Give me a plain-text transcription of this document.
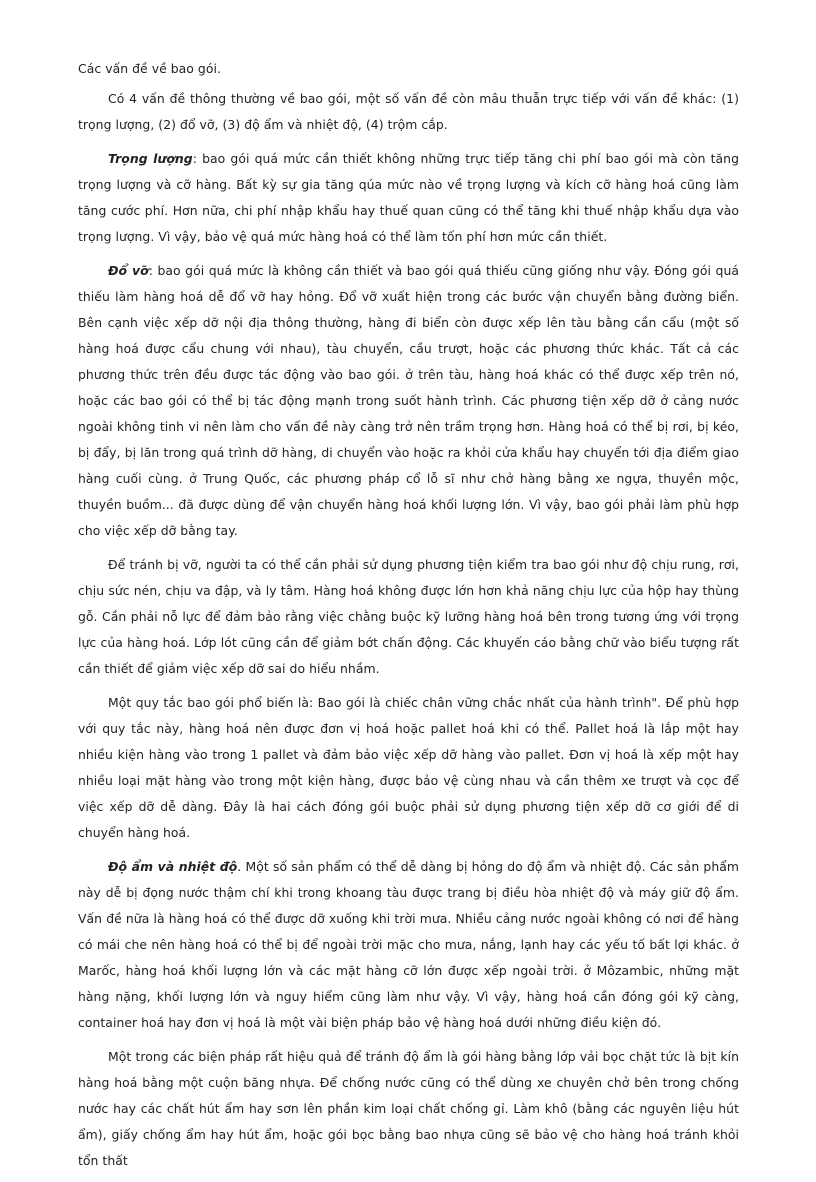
Các vấn đề về bao gói.

Có 4 vấn đề thông thường về bao gói, một số vấn đề còn mâu thuẫn trực tiếp với vấn đề khác: (1) trọng lượng, (2) đổ vỡ, (3) độ ẩm và nhiệt độ, (4) trộm cắp.

Trọng lượng: bao gói quá mức cần thiết không những trực tiếp tăng chi phí bao gói mà còn tăng trọng lượng và cỡ hàng. Bất kỳ sự gia tăng qúa mức nào về trọng lượng và kích cỡ hàng hoá cũng làm tăng cước phí. Hơn nữa, chi phí nhập khẩu hay thuế quan cũng có thể tăng khi thuế nhập khẩu dựa vào trọng lượng. Vì vậy, bảo vệ quá mức hàng hoá có thể làm tốn phí hơn mức cần thiết.

Đổ vỡ: bao gói quá mức là không cần thiết và bao gói quá thiếu cũng giống như vậy. Đóng gói quá thiếu làm hàng hoá dễ đổ vỡ hay hỏng. Đổ vỡ xuất hiện trong các bước vận chuyển bằng đường biển. Bên cạnh việc xếp dỡ nội địa thông thường, hàng đi biển còn được xếp lên tàu bằng cần cẩu (một số hàng hoá được cẩu chung với nhau), tàu chuyển, cầu trượt, hoặc các phương thức khác. Tất cả các phương thức trên đều được tác động vào bao gói. ở trên tàu, hàng hoá khác có thể được xếp trên nó, hoặc các bao gói có thể bị tác động mạnh trong suốt hành trình. Các phương tiện xếp dỡ ở cảng nước ngoài không tinh vi nên làm cho vấn đề này càng trở nên trầm trọng hơn. Hàng hoá có thể bị rơi, bị kéo, bị đẩy, bị lăn trong quá trình dỡ hàng, di chuyển vào hoặc ra khỏi cửa khẩu hay chuyển tới địa điểm giao hàng cuối cùng. ở Trung Quốc, các phương pháp cổ lỗ sĩ như chở hàng bằng xe ngựa, thuyền mộc, thuyền buồm... đã được dùng để vận chuyển hàng hoá khối lượng lớn. Vì vậy, bao gói phải làm phù hợp cho việc xếp dỡ bằng tay.

Để tránh bị vỡ, người ta có thể cần phải sử dụng phương tiện kiểm tra bao gói như độ chịu rung, rơi, chịu sức nén, chịu va đập, và ly tâm. Hàng hoá không được lớn hơn khả năng chịu lực của hộp hay thùng gỗ. Cần phải nỗ lực để đảm bảo rằng việc chằng buộc kỹ lưỡng hàng hoá bên trong tương ứng với trọng lực của hàng hoá. Lớp lót cũng cần để giảm bớt chấn động. Các khuyến cáo bằng chữ vào biểu tượng rất cần thiết để giảm việc xếp dỡ sai do hiểu nhầm.

Một quy tắc bao gói phổ biến là: Bao gói là chiếc chân vững chắc nhất của hành trình". Để phù hợp với quy tắc này, hàng hoá nên được đơn vị hoá hoặc pallet hoá khi có thể. Pallet hoá là lắp một hay nhiều kiện hàng vào trong 1 pallet và đảm bảo việc xếp dỡ hàng vào pallet. Đơn vị hoá là xếp một hay nhiều loại mặt hàng vào trong một kiện hàng, được bảo vệ cùng nhau và cần thêm xe trượt và cọc để việc xếp dỡ dễ dàng. Đây là hai cách đóng gói buộc phải sử dụng phương tiện xếp dỡ cơ giới để di chuyển hàng hoá.

Độ ẩm và nhiệt độ. Một số sản phẩm có thể dễ dàng bị hỏng do độ ẩm và nhiệt độ. Các sản phẩm này dễ bị đọng nước thậm chí khi trong khoang tàu được trang bị điều hòa nhiệt độ và máy giữ độ ẩm. Vấn đề nữa là hàng hoá có thể được dỡ xuống khi trời mưa. Nhiều cảng nước ngoài không có nơi để hàng có mái che nên hàng hoá có thể bị để ngoài trời mặc cho mưa, nắng, lạnh hay các yếu tố bất lợi khác. ở Marốc, hàng hoá khối lượng lớn và các mặt hàng cỡ lớn được xếp ngoài trời. ở Môzambic, những mặt hàng nặng, khối lượng lớn và nguy hiểm cũng làm như vậy. Vì vậy, hàng hoá cần đóng gói kỹ càng, container hoá hay đơn vị hoá là một vài biện pháp bảo vệ hàng hoá dưới những điều kiện đó.

Một trong các biện pháp rất hiệu quả để tránh độ ẩm là gói hàng bằng lớp vải bọc chặt tức là bịt kín hàng hoá bằng một cuộn băng nhựa. Để chống nước cũng có thể dùng xe chuyên chở bên trong chống nước hay các chất hút ẩm hay sơn lên phần kim loại chất chống gỉ. Làm khô (bằng các nguyên liệu hút ẩm), giấy chống ẩm hay hút ẩm, hoặc gói bọc bằng bao nhựa cũng sẽ bảo vệ cho hàng hoá tránh khỏi tổn thất
